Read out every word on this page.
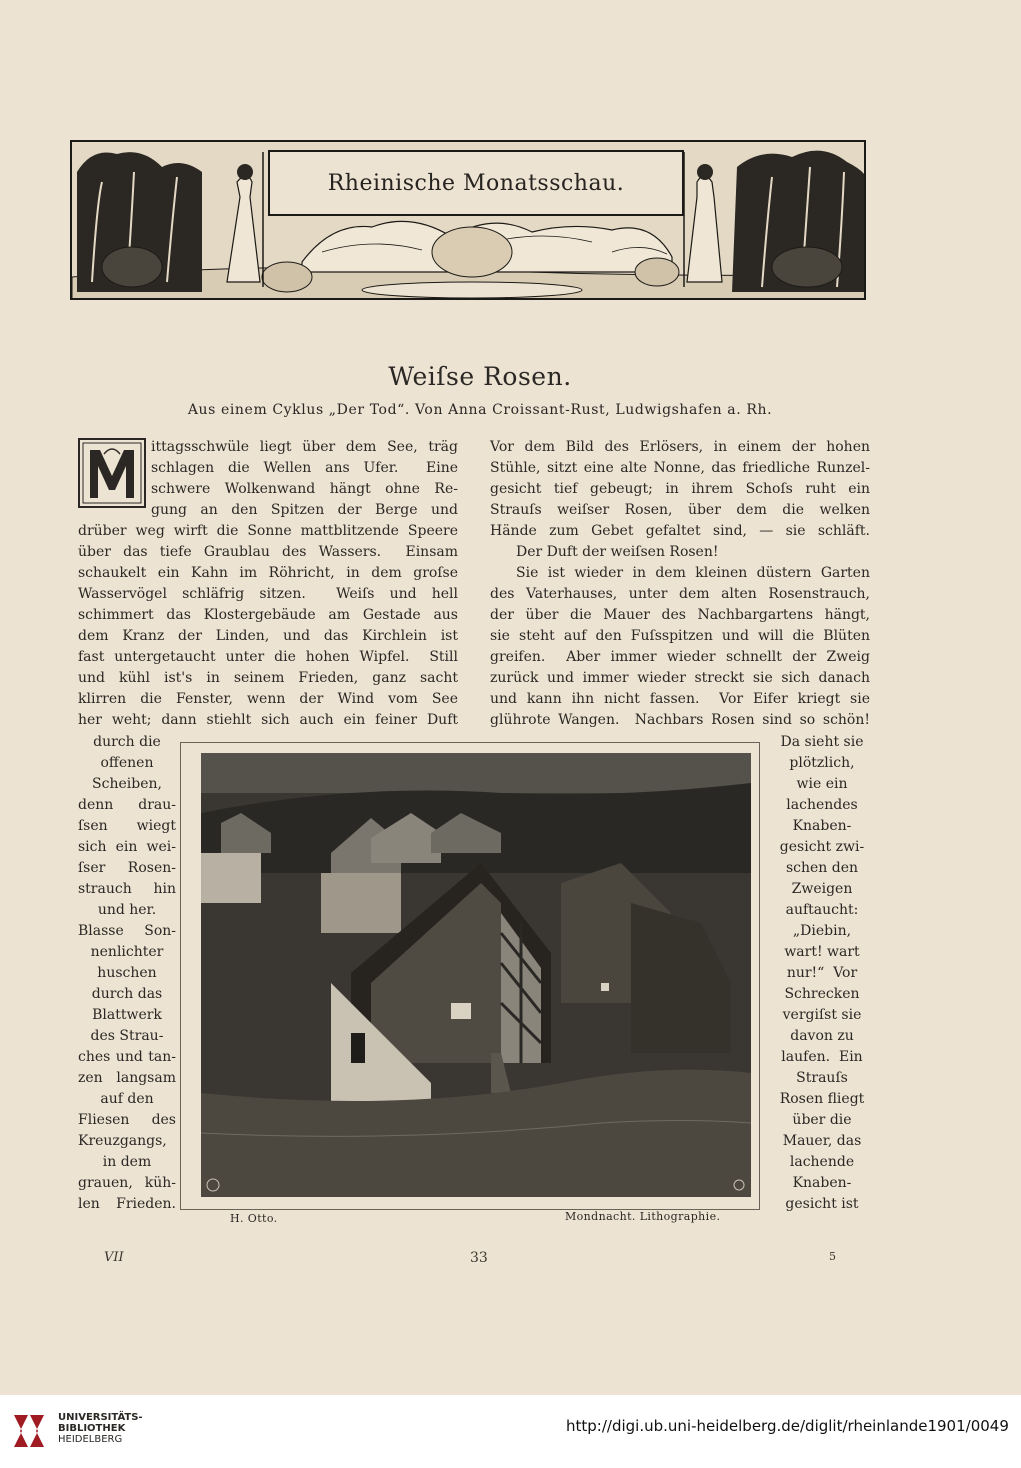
Rheinische Monatsschau.
Weiſse Rosen.
Aus einem Cyklus „Der Tod“. Von Anna Croissant-Rust, Ludwigshafen a. Rh.
ittagsschwüle liegt über dem See, träg
schlagen die Wellen ans Ufer.  Eine
schwere Wolkenwand hängt ohne Re-
gung an den Spitzen der Berge und
drüber weg wirft die Sonne mattblitzende Speere
über das tiefe Graublau des Wassers.  Einsam
schaukelt ein Kahn im Röhricht, in dem groſse
Wasservögel schläfrig sitzen.  Weiſs und hell
schimmert das Klostergebäude am Gestade aus
dem Kranz der Linden, und das Kirchlein ist
fast untergetaucht unter die hohen Wipfel.  Still
und kühl ist's in seinem Frieden, ganz sacht
klirren die Fenster, wenn der Wind vom See
her weht; dann stiehlt sich auch ein feiner Duft
durch die
offenen
Scheiben,
denn drau-
ſsen wiegt
sich ein wei-
ſser Rosen-
strauch hin
und her.
Blasse Son-
nenlichter
huschen
durch das
Blattwerk
des Strau-
ches und tan-
zen langsam
auf den
Fliesen des
Kreuzgangs,
in dem
grauen, küh-
len Frieden.
Vor dem Bild des Erlösers, in einem der hohen
Stühle, sitzt eine alte Nonne, das friedliche Runzel-
gesicht tief gebeugt; in ihrem Schoſs ruht ein
Strauſs weiſser Rosen, über dem die welken
Hände zum Gebet gefaltet sind, — sie schläft.
Der Duft der weiſsen Rosen!
Sie ist wieder in dem kleinen düstern Garten
des Vaterhauses, unter dem alten Rosenstrauch,
der über die Mauer des Nachbargartens hängt,
sie steht auf den Fuſsspitzen und will die Blüten
greifen.  Aber immer wieder schnellt der Zweig
zurück und immer wieder streckt sie sich danach
und kann ihn nicht fassen.  Vor Eifer kriegt sie
glührote Wangen.  Nachbars Rosen sind so schön!
Da sieht sie
plötzlich,
wie ein
lachendes
Knaben-
gesicht zwi-
schen den
Zweigen
auftaucht:
„Diebin,
wart! wart
nur!“  Vor
Schrecken
vergiſst sie
davon zu
laufen.  Ein
Strauſs
Rosen fliegt
über die
Mauer, das
lachende
Knaben-
gesicht ist
H. Otto.	Mondnacht. Lithographie.
VII	33	5
UNIVERSITÄTS-
BIBLIOTHEK
HEIDELBERG
http://digi.ub.uni-heidelberg.de/diglit/rheinlande1901/0049
